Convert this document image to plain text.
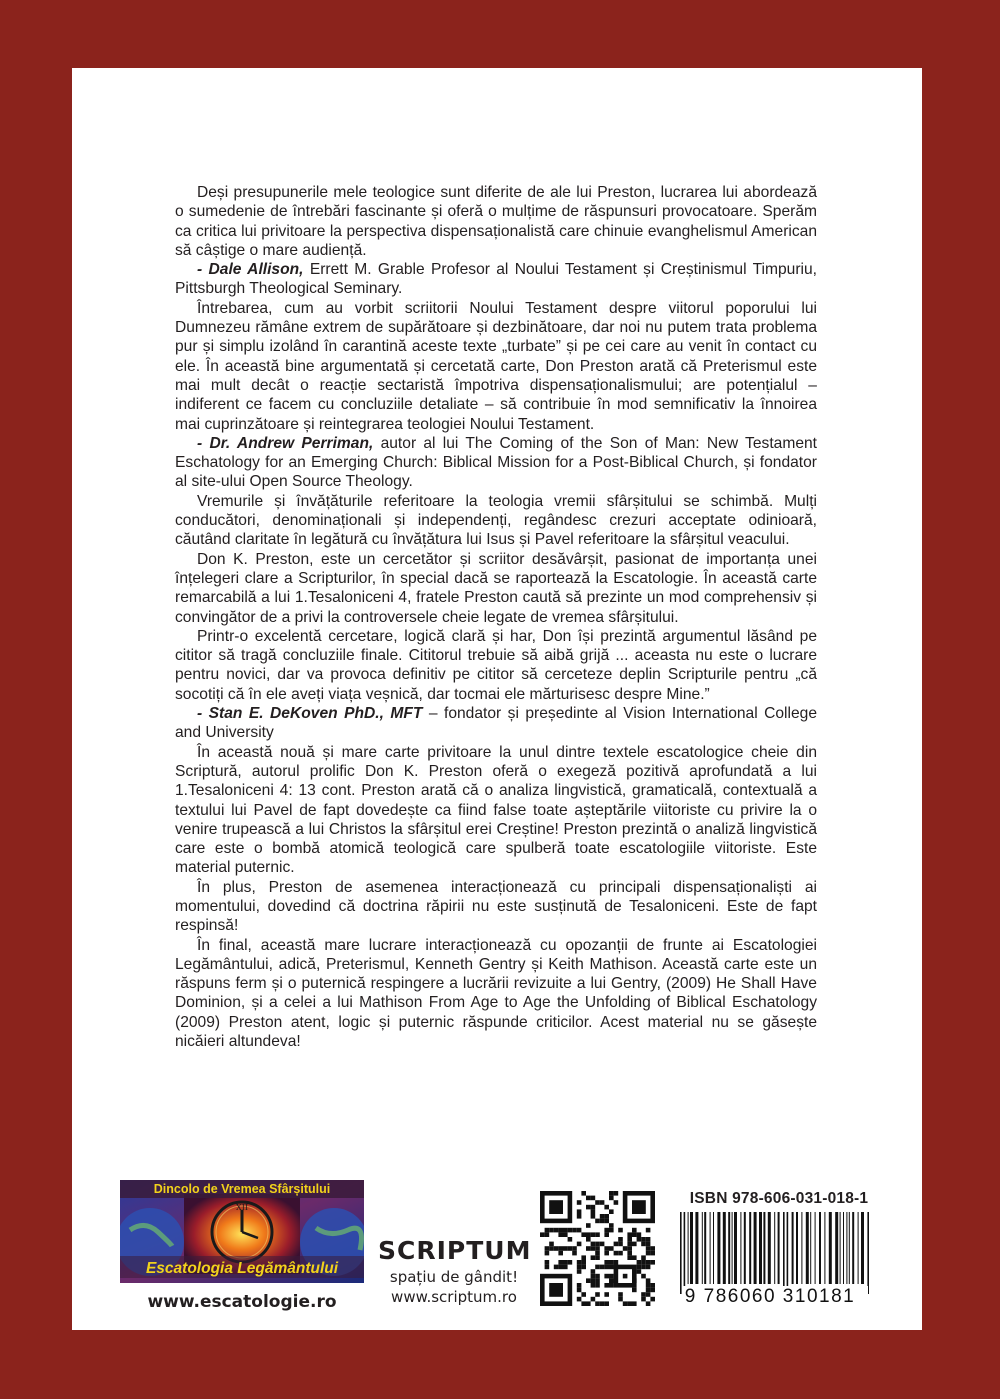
Deși presupunerile mele teologice sunt diferite de ale lui Preston, lucrarea lui abordează o sumedenie de întrebări fascinante și oferă o mulțime de răspunsuri provocatoare. Sperăm ca critica lui privitoare la perspectiva dispensaționalistă care chinuie evanghelismul American să câștige o mare audiență.

- Dale Allison, Errett M. Grable Profesor al Noului Testament și Creștinismul Timpuriu, Pittsburgh Theological Seminary.

Întrebarea, cum au vorbit scriitorii Noului Testament despre viitorul poporului lui Dumnezeu rămâne extrem de supărătoare și dezbinătoare, dar noi nu putem trata problema pur și simplu izolând în carantină aceste texte „turbate” și pe cei care au venit în contact cu ele. În această bine argumentată și cercetată carte, Don Preston arată că Preterismul este mai mult decât o reacție sectaristă împotriva dispensaționalismului; are potențialul – indiferent ce facem cu concluziile detaliate – să contribuie în mod semnificativ la înnoirea mai cuprinzătoare și reintegrarea teologiei Noului Testament.

- Dr. Andrew Perriman, autor al lui The Coming of the Son of Man: New Testament Eschatology for an Emerging Church: Biblical Mission for a Post-Biblical Church, și fondator al site-ului Open Source Theology.

Vremurile și învățăturile referitoare la teologia vremii sfârșitului se schimbă. Mulți conducători, denominaționali și independenți, regândesc crezuri acceptate odinioară, căutând claritate în legătură cu învățătura lui Isus și Pavel referitoare la sfârșitul veacului.

Don K. Preston, este un cercetător și scriitor desăvârșit, pasionat de importanța unei înțelegeri clare a Scripturilor, în special dacă se raportează la Escatologie. În această carte remarcabilă a lui 1.Tesaloniceni 4, fratele Preston caută să prezinte un mod comprehensiv și convingător de a privi la controversele cheie legate de vremea sfârșitului.

Printr-o excelentă cercetare, logică clară și har, Don își prezintă argumentul lăsând pe cititor să tragă concluziile finale. Cititorul trebuie să aibă grijă ... aceasta nu este o lucrare pentru novici, dar va provoca definitiv pe cititor să cerceteze deplin Scripturile pentru „că socotiți că în ele aveți viața veșnică, dar tocmai ele mărturisesc despre Mine.”

- Stan E. DeKoven PhD., MFT – fondator și președinte al Vision International College and University

În această nouă și mare carte privitoare la unul dintre textele escatologice cheie din Scriptură, autorul prolific Don K. Preston oferă o exegeză pozitivă aprofundată a lui 1.Tesaloniceni 4: 13 cont. Preston arată că o analiza lingvistică, gramaticală, contextuală a textului lui Pavel de fapt dovedește ca fiind false toate așteptările viitoriste cu privire la o venire trupească a lui Christos la sfârșitul erei Creștine! Preston prezintă o analiză lingvistică care este o bombă atomică teologică care spulberă toate escatologiile viitoriste. Este material puternic.

În plus, Preston de asemenea interacționează cu principali dispensaționaliști ai momentului, dovedind că doctrina răpirii nu este susținută de Tesaloniceni. Este de fapt respinsă!

În final, această mare lucrare interacționează cu opozanții de frunte ai Escatologiei Legământului, adică, Preterismul, Kenneth Gentry și Keith Mathison. Această carte este un răspuns ferm și o puternică respingere a lucrării revizuite a lui Gentry, (2009) He Shall Have Dominion, și a celei a lui Mathison From Age to Age the Unfolding of Biblical Eschatology (2009) Preston atent, logic și puternic răspunde criticilor. Acest material nu se găsește nicăieri altundeva!

XII
Dincolo de Vremea Sfârșitului
Escatologia Legământului
www.escatologie.ro
SCRIPTUM
spațiu de gândit!
www.scriptum.ro
ISBN 978-606-031-018-1
9 786060 310181
